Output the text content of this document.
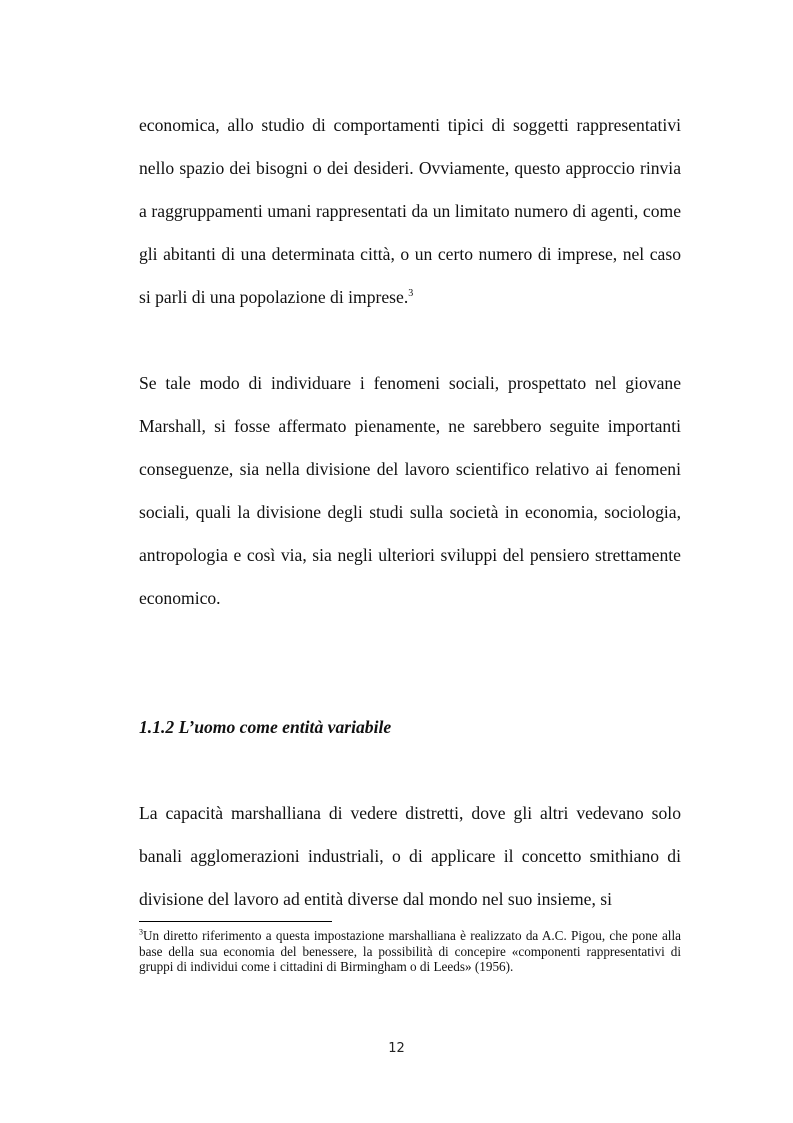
economica, allo studio di comportamenti tipici di soggetti rappresentativi nello spazio dei bisogni o dei desideri. Ovviamente, questo approccio rinvia a raggruppamenti umani rappresentati da un limitato numero di agenti, come gli abitanti di una determinata città, o un certo numero di imprese, nel caso si parli di una popolazione di imprese.$^3$

Se tale modo di individuare i fenomeni sociali, prospettato nel giovane Marshall, si fosse affermato pienamente, ne sarebbero seguite importanti conseguenze, sia nella divisione del lavoro scientifico relativo ai fenomeni sociali, quali la divisione degli studi sulla società in economia, sociologia, antropologia e così via, sia negli ulteriori sviluppi del pensiero strettamente economico.

1.1.2 L’uomo come entità variabile

La capacità marshalliana di vedere distretti, dove gli altri vedevano solo banali agglomerazioni industriali, o di applicare il concetto smithiano di divisione del lavoro ad entità diverse dal mondo nel suo insieme, si

$^3$Un diretto riferimento a questa impostazione marshalliana è realizzato da A.C. Pigou, che pone alla base della sua economia del benessere, la possibilità di concepire «componenti rappresentativi di gruppi di individui come i cittadini di Birmingham o di Leeds» (1956).

12
